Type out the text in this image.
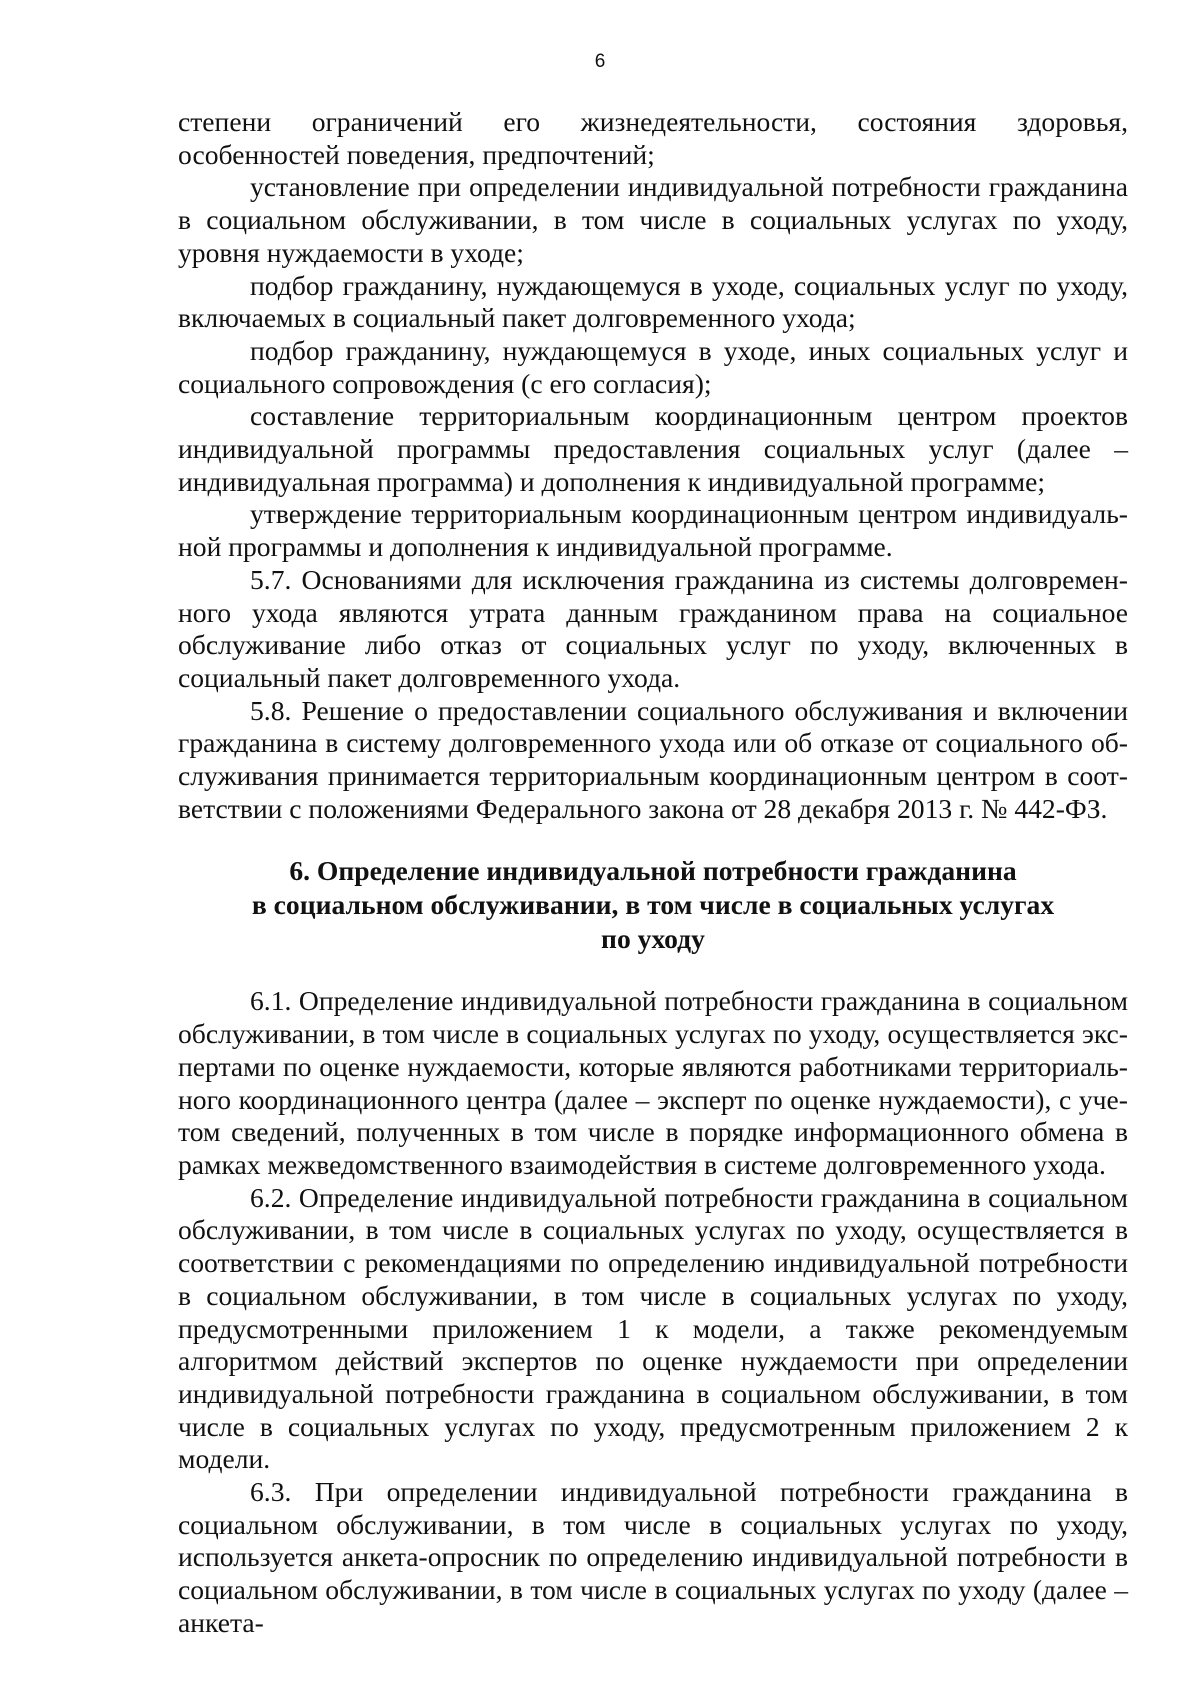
6

степени ограничений его жизнедеятельности, состояния здоровья, особенностей поведения, предпочтений;

установление при определении индивидуальной потребности гражданина в социальном обслуживании, в том числе в социальных услугах по уходу, уровня нуждаемости в уходе;

подбор гражданину, нуждающемуся в уходе, социальных услуг по уходу, включаемых в социальный пакет долговременного ухода;

подбор гражданину, нуждающемуся в уходе, иных социальных услуг и социального сопровождения (с его согласия);

составление территориальным координационным центром проектов индивидуальной программы предоставления социальных услуг (далее – индивидуальная программа) и дополнения к индивидуальной программе;

утверждение территориальным координационным центром индивидуальной программы и дополнения к индивидуальной программе.

5.7. Основаниями для исключения гражданина из системы долговременного ухода являются утрата данным гражданином права на социальное обслуживание либо отказ от социальных услуг по уходу, включенных в социальный пакет долговременного ухода.

5.8. Решение о предоставлении социального обслуживания и включении гражданина в систему долговременного ухода или об отказе от социального обслуживания принимается территориальным координационным центром в соответствии с положениями Федерального закона от 28 декабря 2013 г. № 442-ФЗ.

6. Определение индивидуальной потребности гражданина
в социальном обслуживании, в том числе в социальных услугах
по уходу

6.1. Определение индивидуальной потребности гражданина в социальном обслуживании, в том числе в социальных услугах по уходу, осуществляется экспертами по оценке нуждаемости, которые являются работниками территориального координационного центра (далее – эксперт по оценке нуждаемости), с учетом сведений, полученных в том числе в порядке информационного обмена в рамках межведомственного взаимодействия в системе долговременного ухода.

6.2. Определение индивидуальной потребности гражданина в социальном обслуживании, в том числе в социальных услугах по уходу, осуществляется в соответствии с рекомендациями по определению индивидуальной потребности в социальном обслуживании, в том числе в социальных услугах по уходу, предусмотренными приложением 1 к модели, а также рекомендуемым алгоритмом действий экспертов по оценке нуждаемости при определении индивидуальной потребности гражданина в социальном обслуживании, в том числе в социальных услугах по уходу, предусмотренным приложением 2 к модели.

6.3. При определении индивидуальной потребности гражданина в социальном обслуживании, в том числе в социальных услугах по уходу, используется анкета-опросник по определению индивидуальной потребности в социальном обслуживании, в том числе в социальных услугах по уходу (далее – анкета-
